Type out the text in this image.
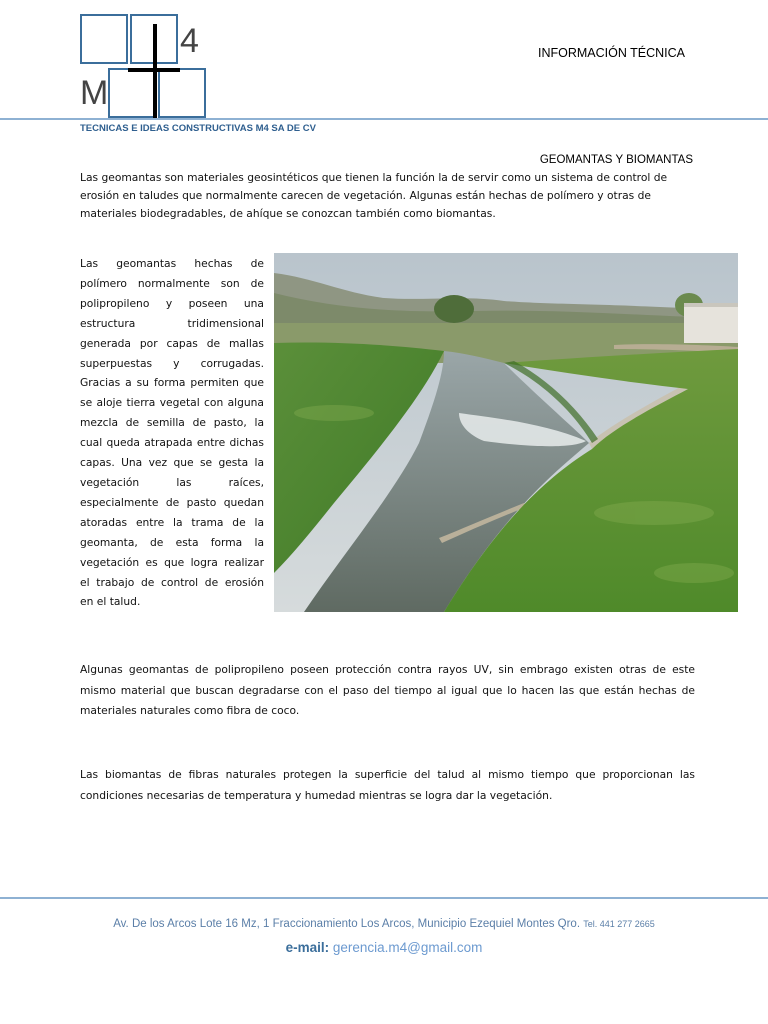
4
M
INFORMACIÓN TÉCNICA
TECNICAS E IDEAS CONSTRUCTIVAS M4 SA DE CV
GEOMANTAS Y BIOMANTAS

Las geomantas son materiales geosintéticos que tienen la función la de servir como un sistema de control de erosión en taludes que normalmente carecen de vegetación. Algunas están hechas de polímero y otras de materiales biodegradables, de ahíque se conozcan también como biomantas.

Las geomantas hechas de polímero normalmente son de polipropileno y poseen una estructura tridimensional generada por capas de mallas superpuestas y corrugadas. Gracias a su forma permiten que se aloje tierra vegetal con alguna mezcla de semilla de pasto, la cual queda atrapada entre dichas capas. Una vez que se gesta la vegetación las raíces, especialmente de pasto quedan atoradas entre la trama de la geomanta, de esta forma la vegetación es que logra realizar el trabajo de control de erosión en el talud.

Algunas geomantas de polipropileno poseen protección contra rayos UV, sin embrago existen otras de este mismo material que buscan degradarse con el paso del tiempo al igual que lo hacen las que están hechas de materiales naturales como fibra de coco.

Las biomantas de fibras naturales protegen la superficie del talud al mismo tiempo que proporcionan las condiciones necesarias de temperatura y humedad mientras se logra dar la vegetación.

Av. De los Arcos Lote 16 Mz, 1 Fraccionamiento Los Arcos, Municipio Ezequiel Montes Qro. Tel. 441 277 2665
e-mail: gerencia.m4@gmail.com
